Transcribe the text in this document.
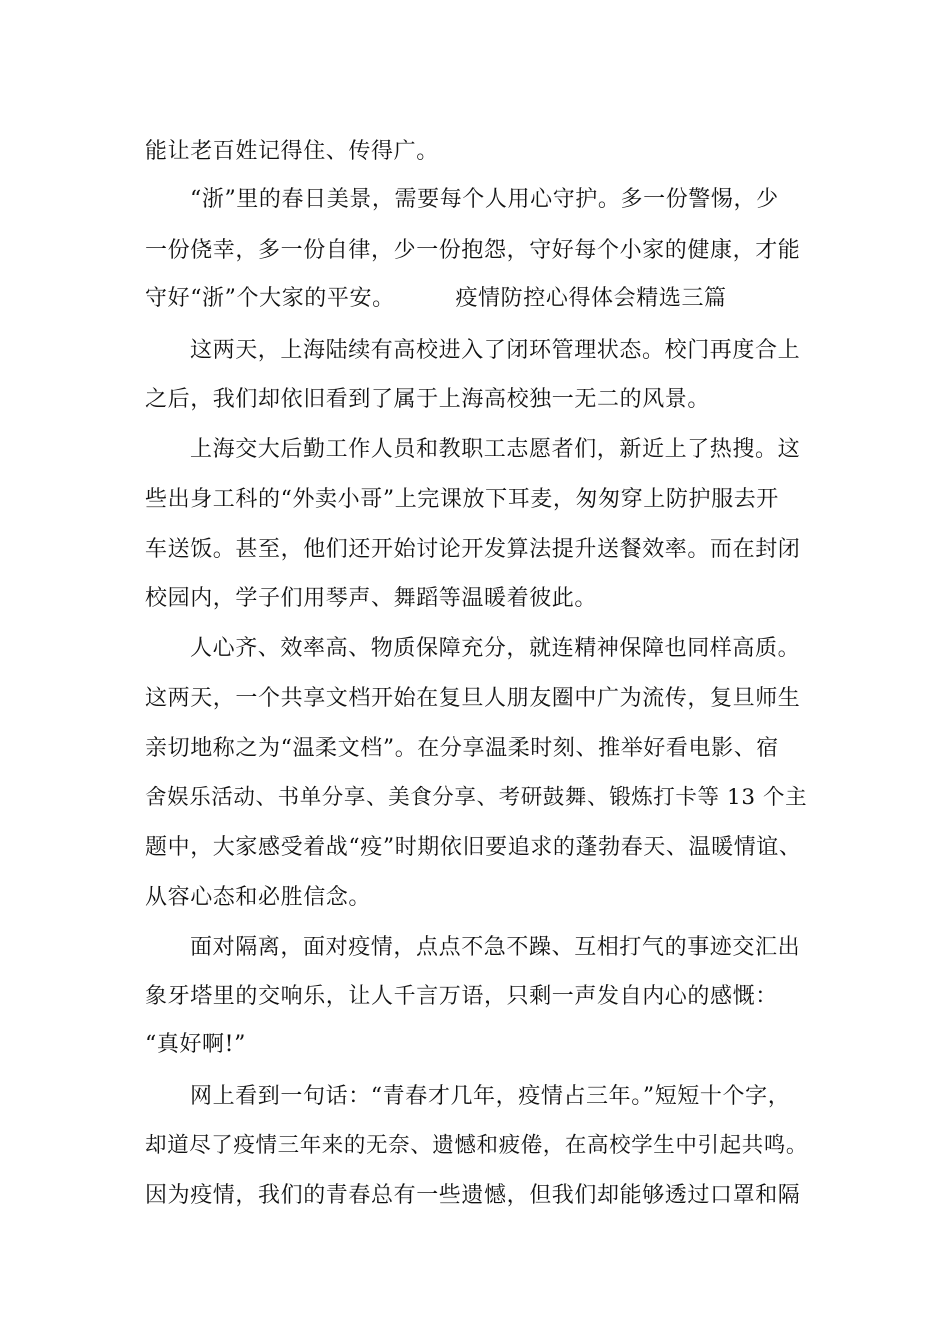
能让老百姓记得住、传得广。
“浙”里的春日美景，需要每个人用心守护。多一份警惕，少
一份侥幸，多一份自律，少一份抱怨，守好每个小家的健康，才能
守好“浙”个大家的平安。        疫情防控心得体会精选三篇
这两天，上海陆续有高校进入了闭环管理状态。校门再度合上
之后，我们却依旧看到了属于上海高校独一无二的风景。
上海交大后勤工作人员和教职工志愿者们，新近上了热搜。这
些出身工科的“外卖小哥”上完课放下耳麦，匆匆穿上防护服去开
车送饭。甚至，他们还开始讨论开发算法提升送餐效率。而在封闭
校园内，学子们用琴声、舞蹈等温暖着彼此。
人心齐、效率高、物质保障充分，就连精神保障也同样高质。
这两天，一个共享文档开始在复旦人朋友圈中广为流传，复旦师生
亲切地称之为“温柔文档”。在分享温柔时刻、推举好看电影、宿
舍娱乐活动、书单分享、美食分享、考研鼓舞、锻炼打卡等 13 个主
题中，大家感受着战“疫”时期依旧要追求的蓬勃春天、温暖情谊、
从容心态和必胜信念。
面对隔离，面对疫情，点点不急不躁、互相打气的事迹交汇出
象牙塔里的交响乐，让人千言万语，只剩一声发自内心的感慨：
“真好啊!”
网上看到一句话：“青春才几年，疫情占三年。”短短十个字，
却道尽了疫情三年来的无奈、遗憾和疲倦，在高校学生中引起共鸣。
因为疫情，我们的青春总有一些遗憾，但我们却能够透过口罩和隔
